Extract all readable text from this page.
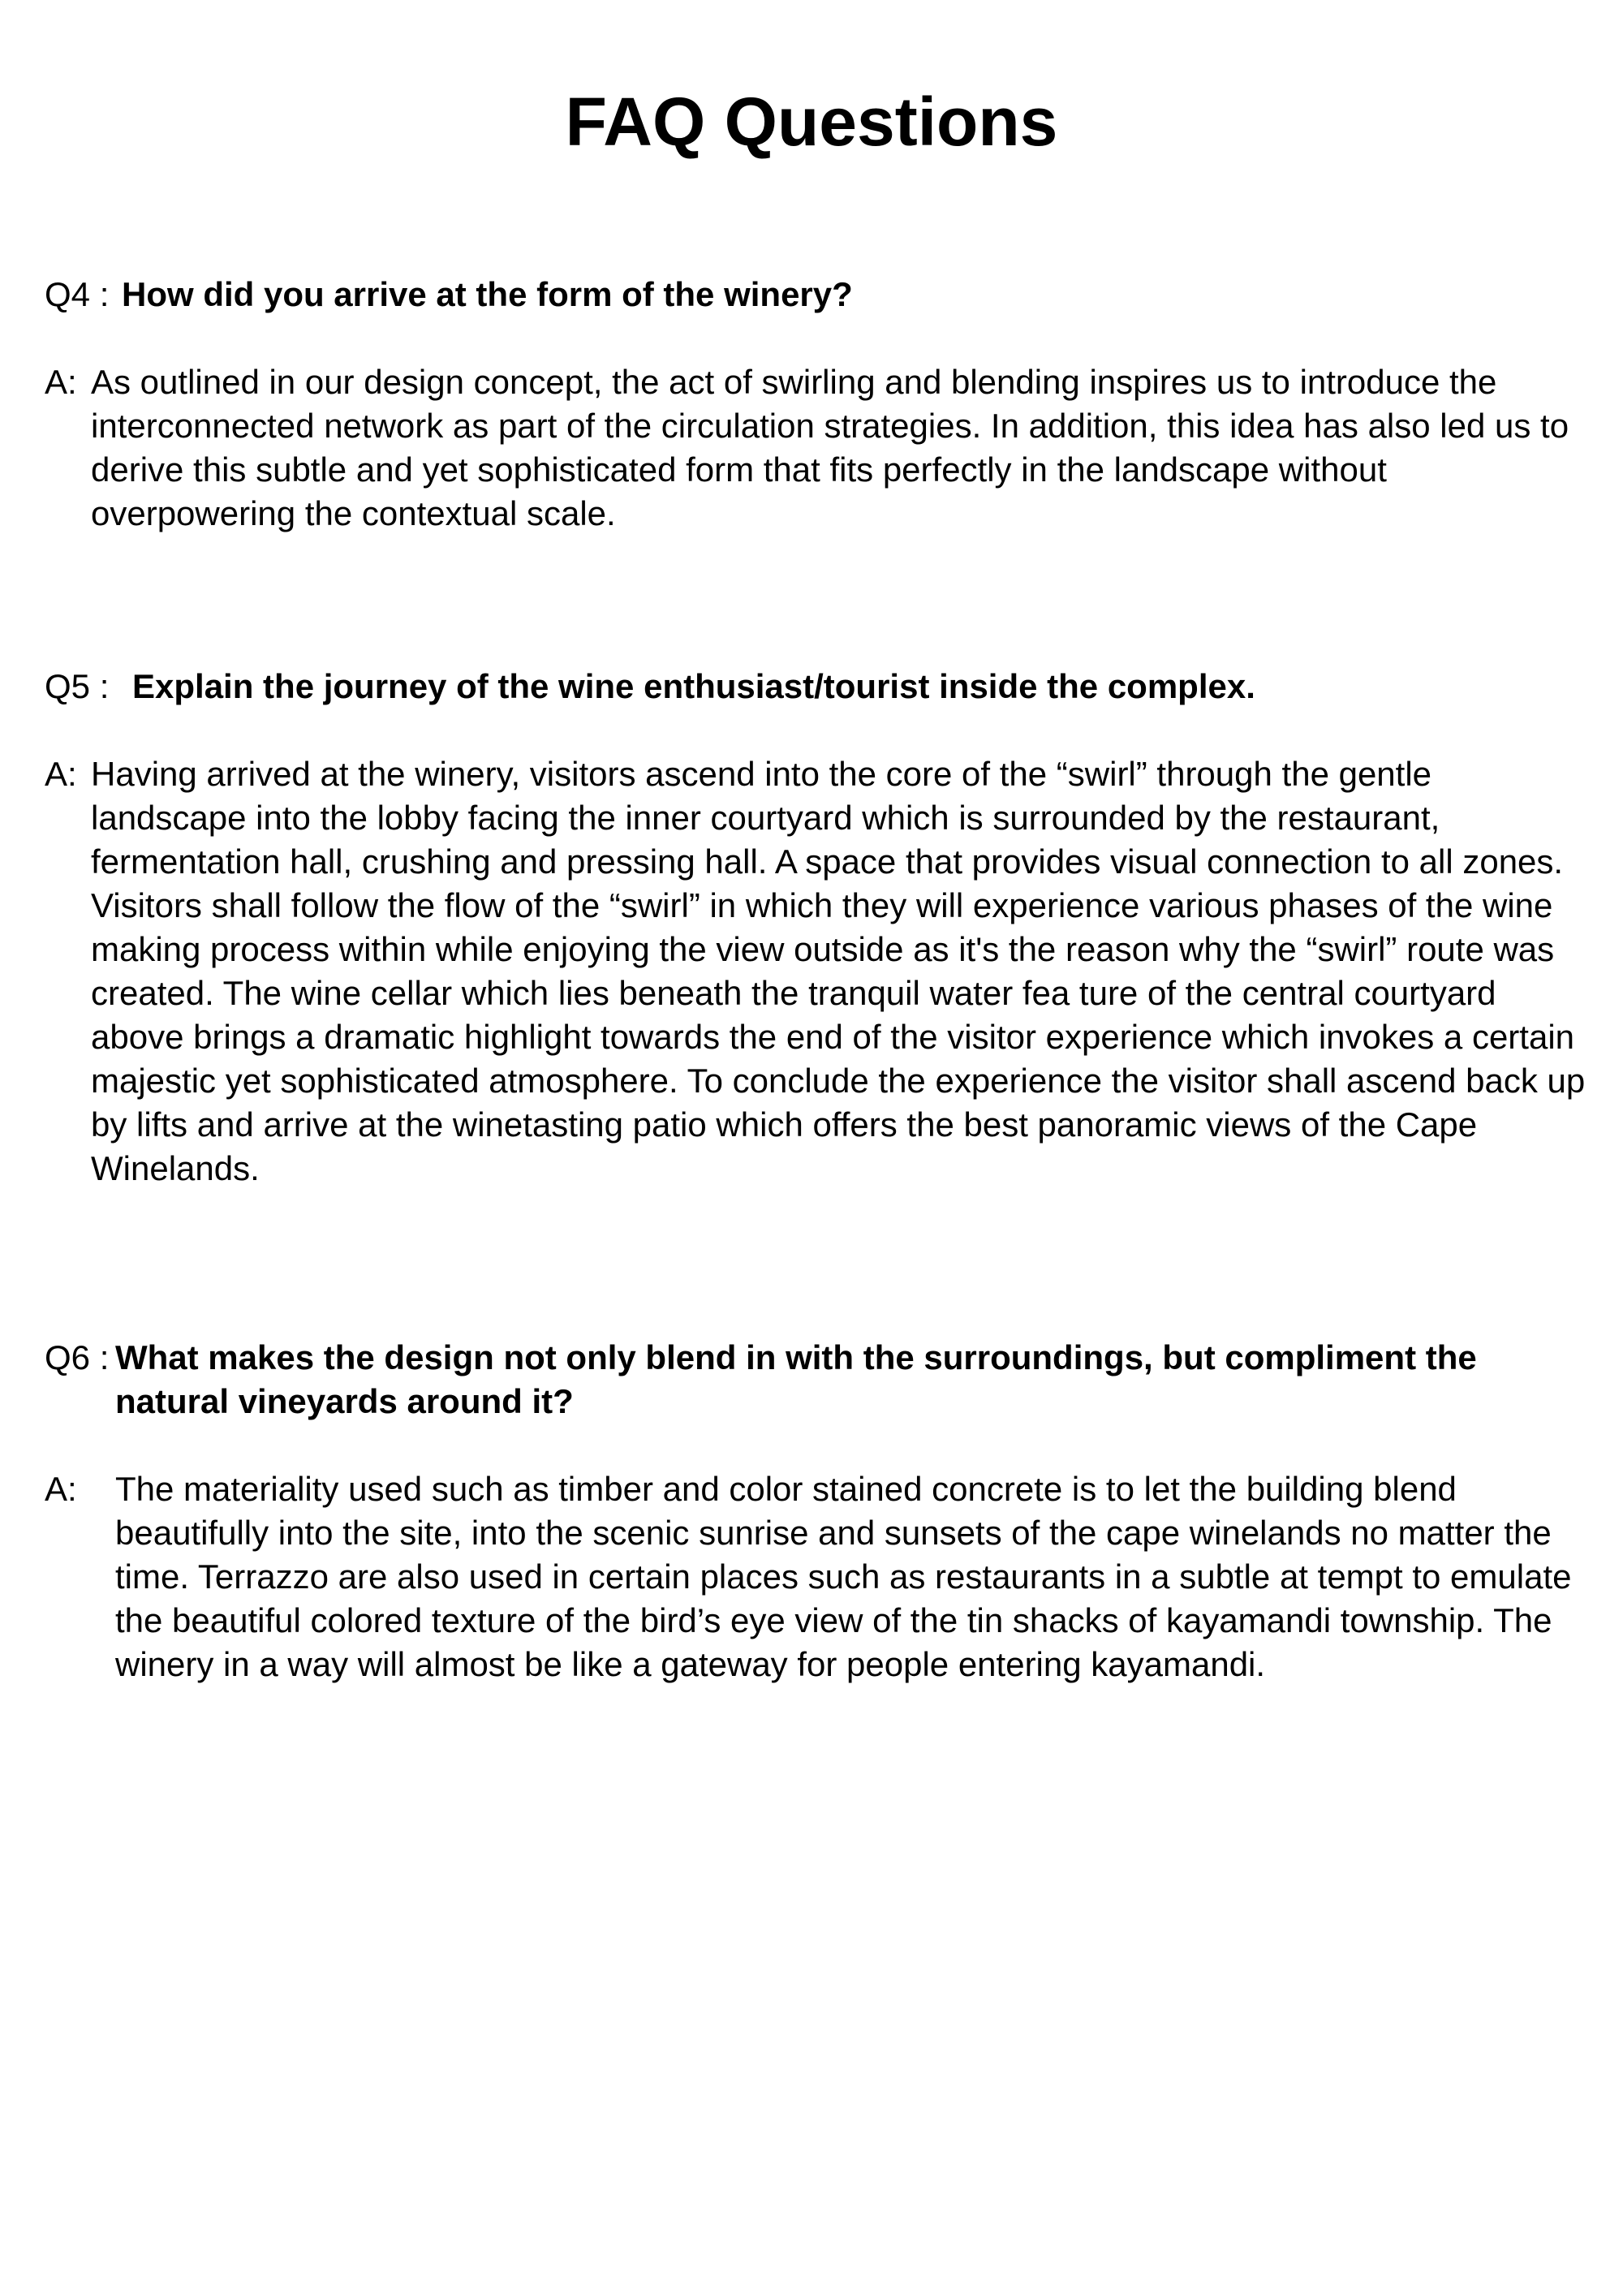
FAQ Questions
Q4 : How did you arrive at the form of the winery?
A: As outlined in our design concept, the act of swirling and blending inspires us to introduce the interconnected network as part of the circulation strategies. In addition, this idea has also led us to derive this subtle and yet sophisticated form that fits perfectly in the landscape without overpowering the contextual scale.

Q5 : Explain the journey of the wine enthusiast/tourist inside the complex.
A:

Having arrived at the winery, visitors ascend into the core of the “swirl” through the gentle landscape into the lobby facing the inner courtyard which is surrounded by the restaurant, fermentation hall, crushing and pressing hall. A space that provides visual connection to all zones. Visitors shall follow the flow of the “swirl” in which they will experience various phases of the wine making process within while enjoying the view outside as it's the reason why the “swirl” route was created. The wine cellar which lies beneath the tranquil water fea ture of the central courtyard above brings a dramatic highlight towards the end of the visitor experience which invokes a certain majestic yet sophisticated atmosphere. To conclude the experience the visitor shall ascend back up by lifts and arrive at the winetasting patio which offers the best panoramic views of the Cape Winelands.

Q6 :
What makes the design not only blend in with the surroundings, but compliment the natural vineyards around it?
A: The materiality used such as timber and color stained concrete is to let the building blend beautifully into the site, into the scenic sunrise and sunsets of the cape winelands no matter the time. Terrazzo are also used in certain places such as restaurants in a subtle at tempt to emulate the beautiful colored texture of the bird’s eye view of the tin shacks of kayamandi township. The winery in a way will almost be like a gateway for people entering kayamandi.
